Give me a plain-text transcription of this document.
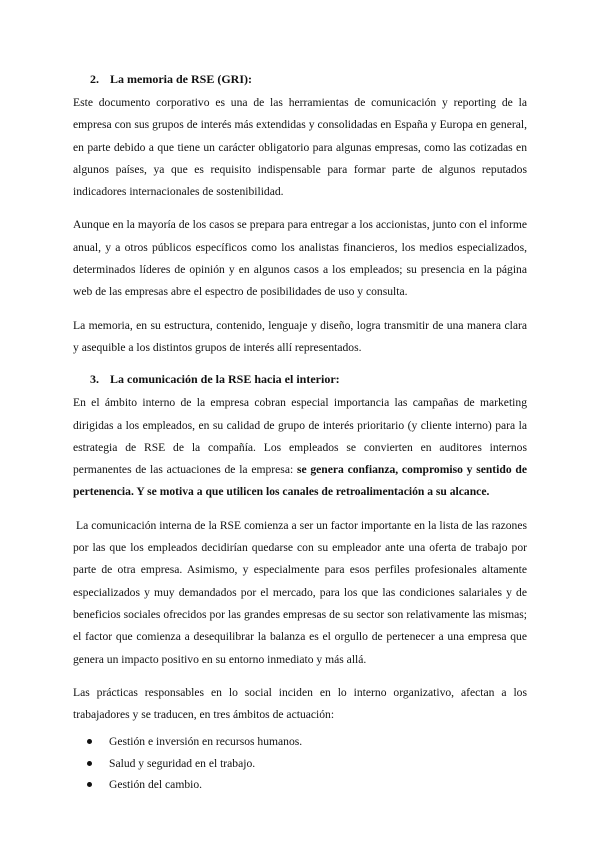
2. La memoria de RSE (GRI):

Este documento corporativo es una de las herramientas de comunicación y reporting de la empresa con sus grupos de interés más extendidas y consolidadas en España y Europa en general, en parte debido a que tiene un carácter obligatorio para algunas empresas, como las cotizadas en algunos países, ya que es requisito indispensable para formar parte de algunos reputados indicadores internacionales de sostenibilidad.

Aunque en la mayoría de los casos se prepara para entregar a los accionistas, junto con el informe anual, y a otros públicos específicos como los analistas financieros, los medios especializados, determinados líderes de opinión y en algunos casos a los empleados; su presencia en la página web de las empresas abre el espectro de posibilidades de uso y consulta.

La memoria, en su estructura, contenido, lenguaje y diseño, logra transmitir de una manera clara y asequible a los distintos grupos de interés allí representados.

3. La comunicación de la RSE hacia el interior:

En el ámbito interno de la empresa cobran especial importancia las campañas de marketing dirigidas a los empleados, en su calidad de grupo de interés prioritario (y cliente interno) para la estrategia de RSE de la compañía. Los empleados se convierten en auditores internos permanentes de las actuaciones de la empresa: se genera confianza, compromiso y sentido de pertenencia. Y se motiva a que utilicen los canales de retroalimentación a su alcance.

La comunicación interna de la RSE comienza a ser un factor importante en la lista de las razones por las que los empleados decidirían quedarse con su empleador ante una oferta de trabajo por parte de otra empresa. Asimismo, y especialmente para esos perfiles profesionales altamente especializados y muy demandados por el mercado, para los que las condiciones salariales y de beneficios sociales ofrecidos por las grandes empresas de su sector son relativamente las mismas; el factor que comienza a desequilibrar la balanza es el orgullo de pertenecer a una empresa que genera un impacto positivo en su entorno inmediato y más allá.

Las prácticas responsables en lo social inciden en lo interno organizativo, afectan a los trabajadores y se traducen, en tres ámbitos de actuación:

Gestión e inversión en recursos humanos.
Salud y seguridad en el trabajo.
Gestión del cambio.
